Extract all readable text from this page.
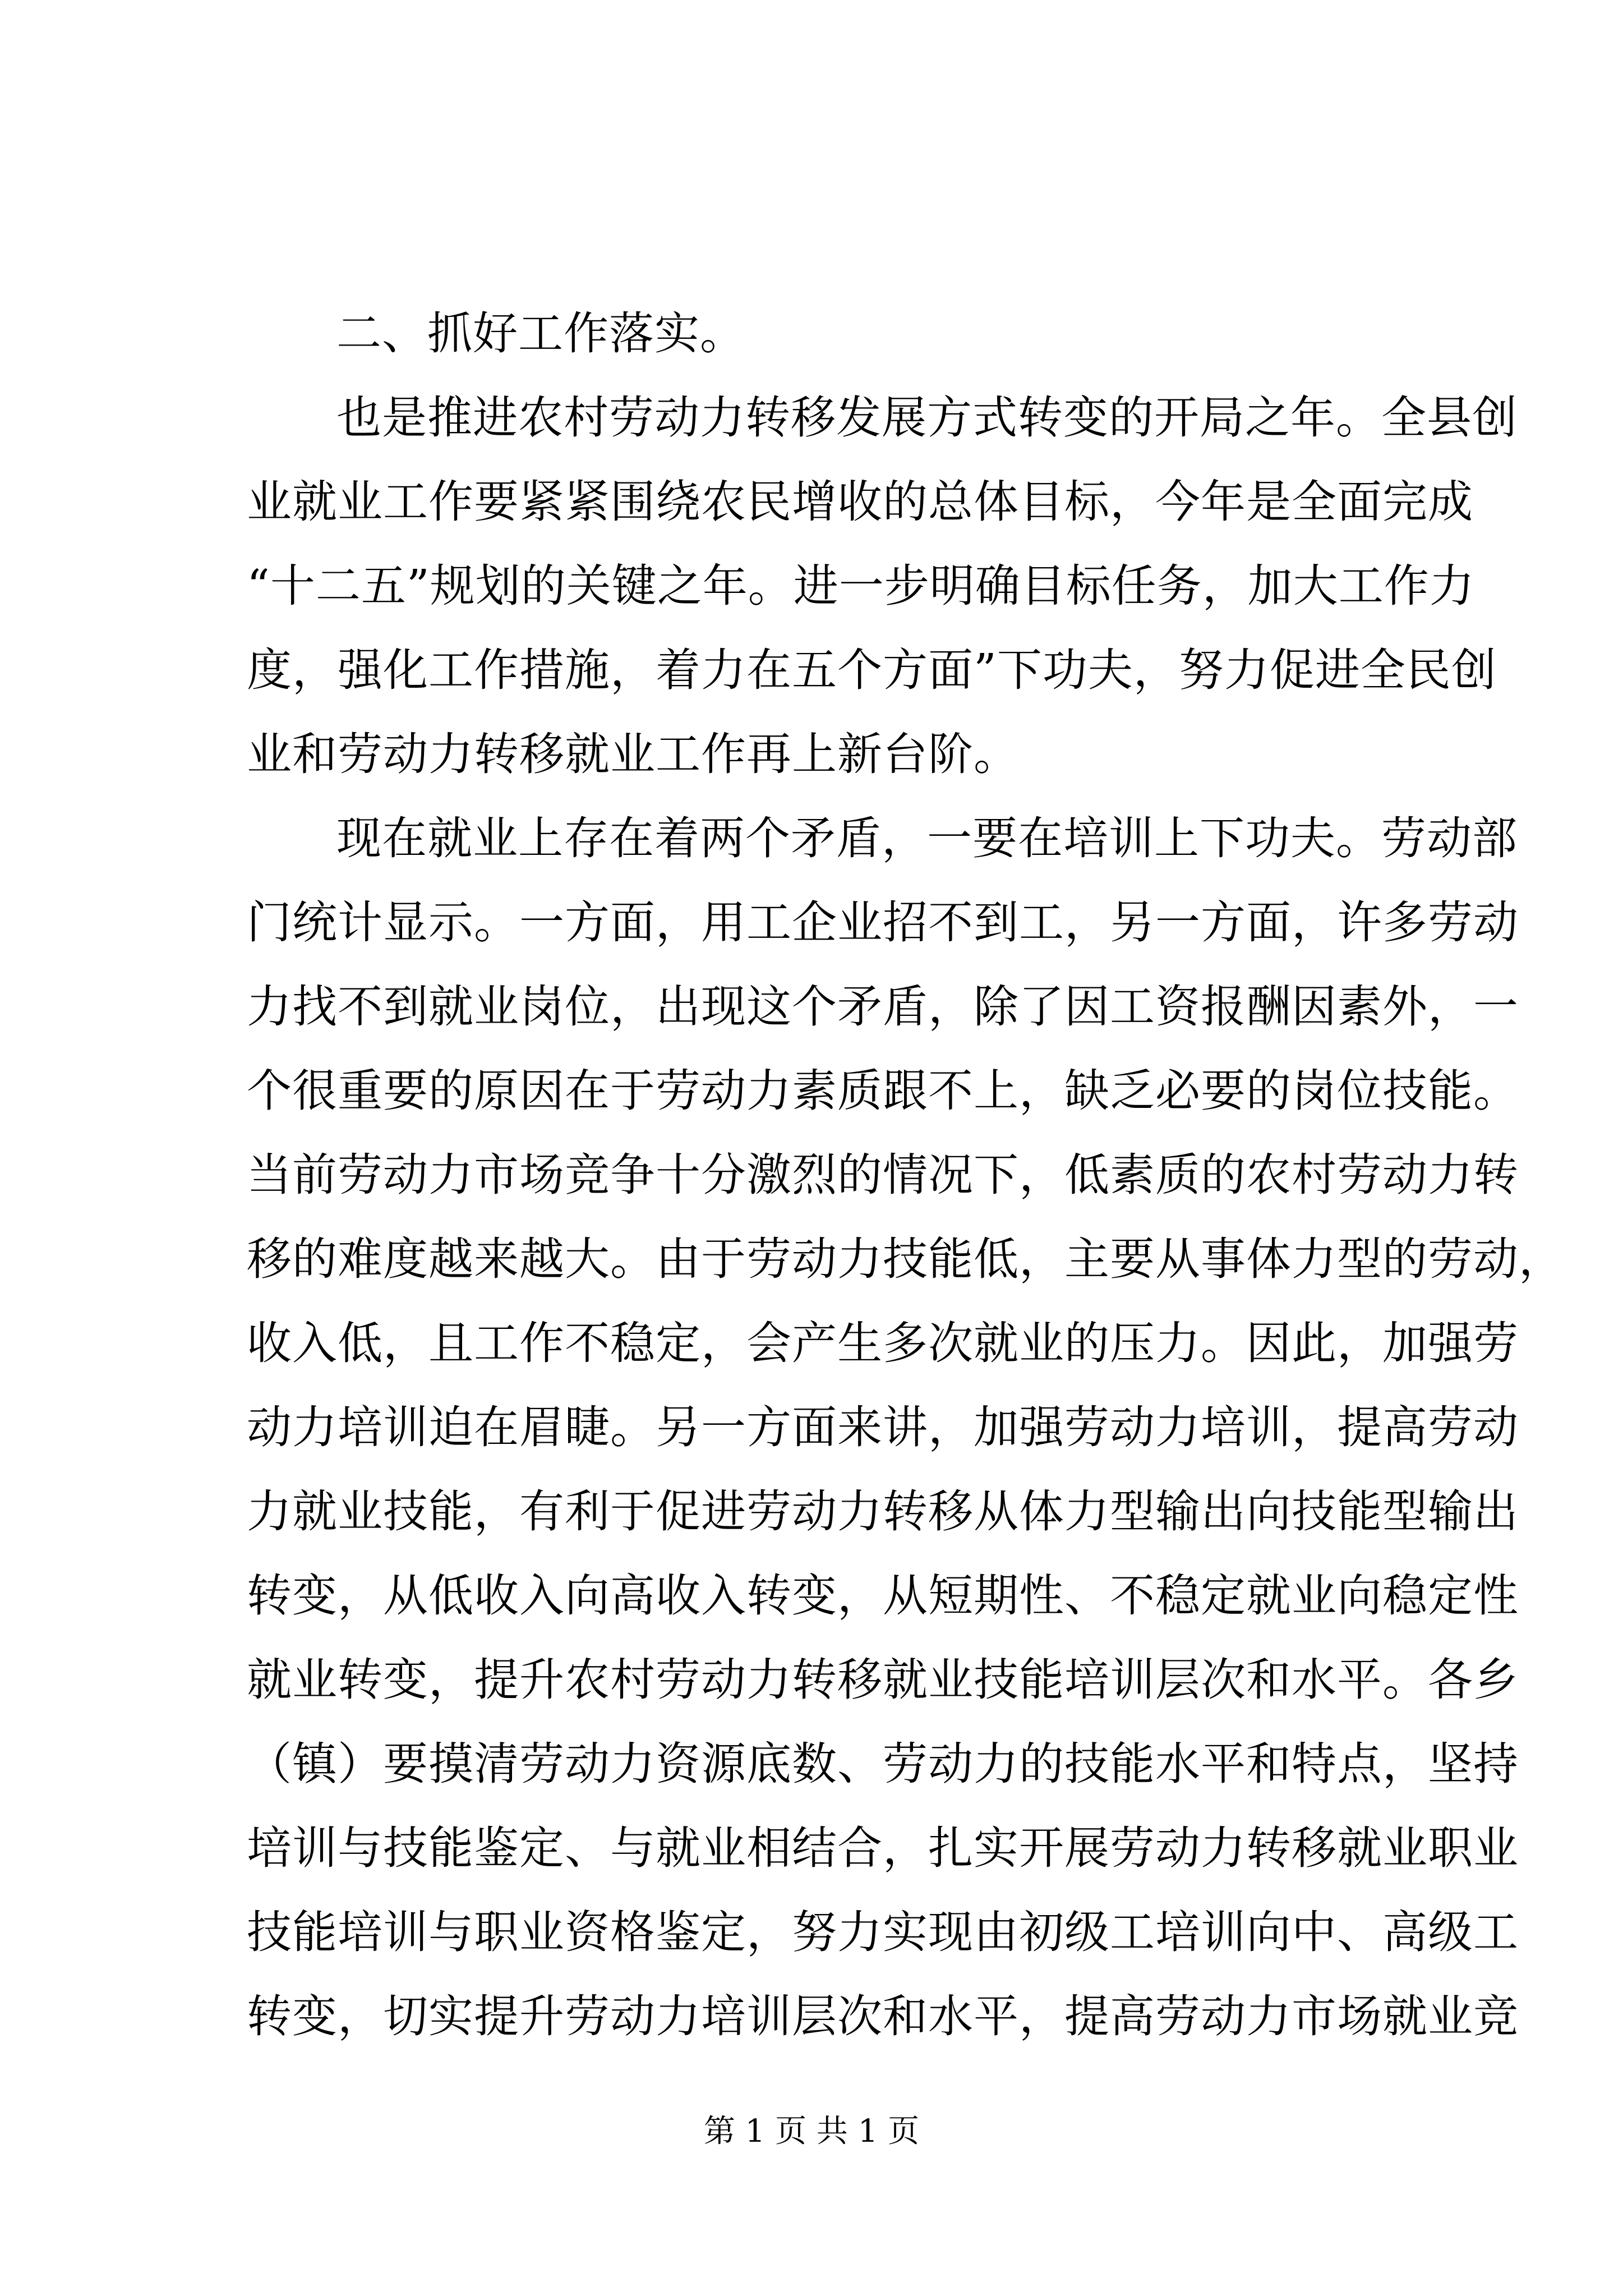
二、抓好工作落实。
也是推进农村劳动力转移发展方式转变的开局之年。全县创
业就业工作要紧紧围绕农民增收的总体目标，今年是全面完成
“十二五”规划的关键之年。进一步明确目标任务，加大工作力
度，强化工作措施，着力在五个方面”下功夫，努力促进全民创
业和劳动力转移就业工作再上新台阶。
现在就业上存在着两个矛盾，一要在培训上下功夫。劳动部
门统计显示。一方面，用工企业招不到工，另一方面，许多劳动
力找不到就业岗位，出现这个矛盾，除了因工资报酬因素外，一
个很重要的原因在于劳动力素质跟不上，缺乏必要的岗位技能。
当前劳动力市场竞争十分激烈的情况下，低素质的农村劳动力转
移的难度越来越大。由于劳动力技能低，主要从事体力型的劳动，
收入低，且工作不稳定，会产生多次就业的压力。因此，加强劳
动力培训迫在眉睫。另一方面来讲，加强劳动力培训，提高劳动
力就业技能，有利于促进劳动力转移从体力型输出向技能型输出
转变，从低收入向高收入转变，从短期性、不稳定就业向稳定性
就业转变，提升农村劳动力转移就业技能培训层次和水平。各乡
（镇）要摸清劳动力资源底数、劳动力的技能水平和特点，坚持
培训与技能鉴定、与就业相结合，扎实开展劳动力转移就业职业
技能培训与职业资格鉴定，努力实现由初级工培训向中、高级工
转变，切实提升劳动力培训层次和水平，提高劳动力市场就业竞
第 1 页 共 1 页
